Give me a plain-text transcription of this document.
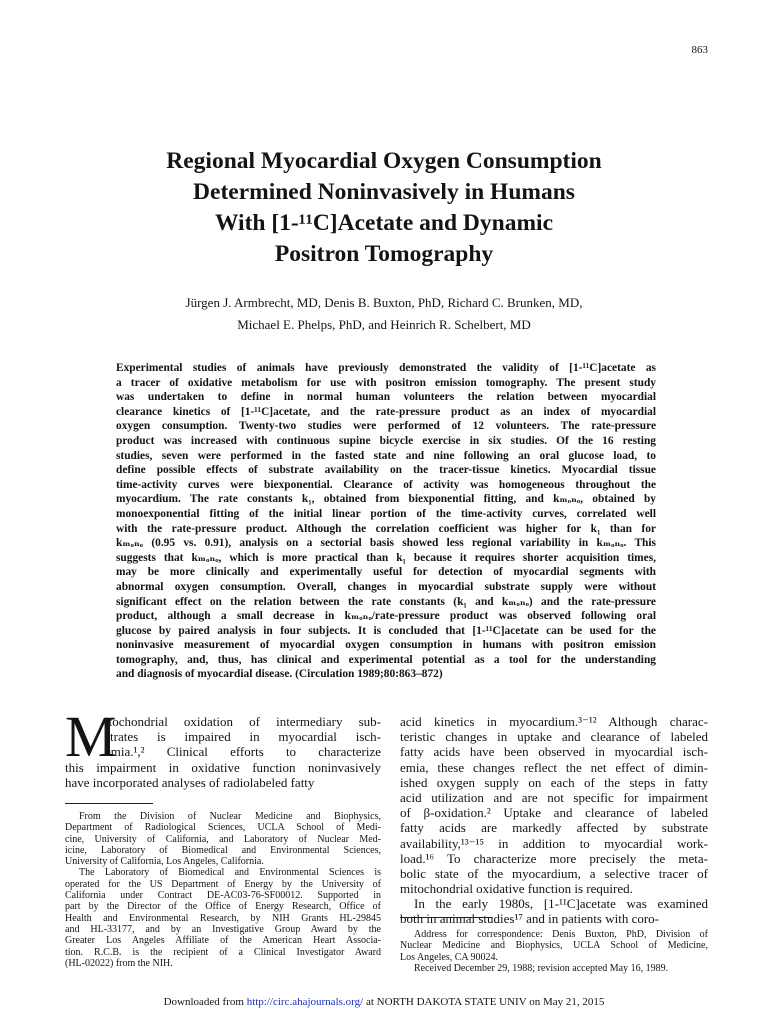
863
Regional Myocardial Oxygen Consumption
Determined Noninvasively in Humans
With [1-¹¹C]Acetate and Dynamic
Positron Tomography
Jürgen J. Armbrecht, MD, Denis B. Buxton, PhD, Richard C. Brunken, MD,
Michael E. Phelps, PhD, and Heinrich R. Schelbert, MD
Experimental studies of animals have previously demonstrated the validity of [1-¹¹C]acetate as
a tracer of oxidative metabolism for use with positron emission tomography. The present study
was undertaken to define in normal human volunteers the relation between myocardial
clearance kinetics of [1-¹¹C]acetate, and the rate-pressure product as an index of myocardial
oxygen consumption. Twenty-two studies were performed of 12 volunteers. The rate-pressure
product was increased with continuous supine bicycle exercise in six studies. Of the 16 resting
studies, seven were performed in the fasted state and nine following an oral glucose load, to
define possible effects of substrate availability on the tracer-tissue kinetics. Myocardial tissue
time-activity curves were biexponential. Clearance of activity was homogeneous throughout the
myocardium. The rate constants k₁, obtained from biexponential fitting, and kₘₒₙₒ, obtained by
monoexponential fitting of the initial linear portion of the time-activity curves, correlated well
with the rate-pressure product. Although the correlation coefficient was higher for k₁ than for
kₘₒₙₒ (0.95 vs. 0.91), analysis on a sectorial basis showed less regional variability in kₘₒₙₒ. This
suggests that kₘₒₙₒ, which is more practical than k₁ because it requires shorter acquisition times,
may be more clinically and experimentally useful for detection of myocardial segments with
abnormal oxygen consumption. Overall, changes in myocardial substrate supply were without
significant effect on the relation between the rate constants (k₁ and kₘₒₙₒ) and the rate-pressure
product, although a small decrease in kₘₒₙₒ/rate-pressure product was observed following oral
glucose by paired analysis in four subjects. It is concluded that [1-¹¹C]acetate can be used for the
noninvasive measurement of myocardial oxygen consumption in humans with positron emission
tomography, and, thus, has clinical and experimental potential as a tool for the understanding
and diagnosis of myocardial disease. (Circulation 1989;80:863–872)
M
itochondrial oxidation of intermediary sub-
strates is impaired in myocardial isch-
emia.¹,² Clinical efforts to characterize
this impairment in oxidative function noninvasively
have incorporated analyses of radiolabeled fatty
From the Division of Nuclear Medicine and Biophysics,
Department of Radiological Sciences, UCLA School of Medi-
cine, University of California, and Laboratory of Nuclear Med-
icine, Laboratory of Biomedical and Environmental Sciences,
University of California, Los Angeles, California.
The Laboratory of Biomedical and Environmental Sciences is
operated for the US Department of Energy by the University of
California under Contract DE-AC03-76-SF00012. Supported in
part by the Director of the Office of Energy Research, Office of
Health and Environmental Research, by NIH Grants HL-29845
and HL-33177, and by an Investigative Group Award by the
Greater Los Angeles Affiliate of the American Heart Associa-
tion. R.C.B. is the recipient of a Clinical Investigator Award
(HL-02022) from the NIH.
acid kinetics in myocardium.³⁻¹² Although charac-
teristic changes in uptake and clearance of labeled
fatty acids have been observed in myocardial isch-
emia, these changes reflect the net effect of dimin-
ished oxygen supply on each of the steps in fatty
acid utilization and are not specific for impairment
of β-oxidation.² Uptake and clearance of labeled
fatty acids are markedly affected by substrate
availability,¹³⁻¹⁵ in addition to myocardial work-
load.¹⁶ To characterize more precisely the meta-
bolic state of the myocardium, a selective tracer of
mitochondrial oxidative function is required.
In the early 1980s, [1-¹¹C]acetate was examined
both in animal studies¹⁷ and in patients with coro-
Address for correspondence: Denis Buxton, PhD, Division of
Nuclear Medicine and Biophysics, UCLA School of Medicine,
Los Angeles, CA 90024.
Received December 29, 1988; revision accepted May 16, 1989.
Downloaded from http://circ.ahajournals.org/ at NORTH DAKOTA STATE UNIV on May 21, 2015
